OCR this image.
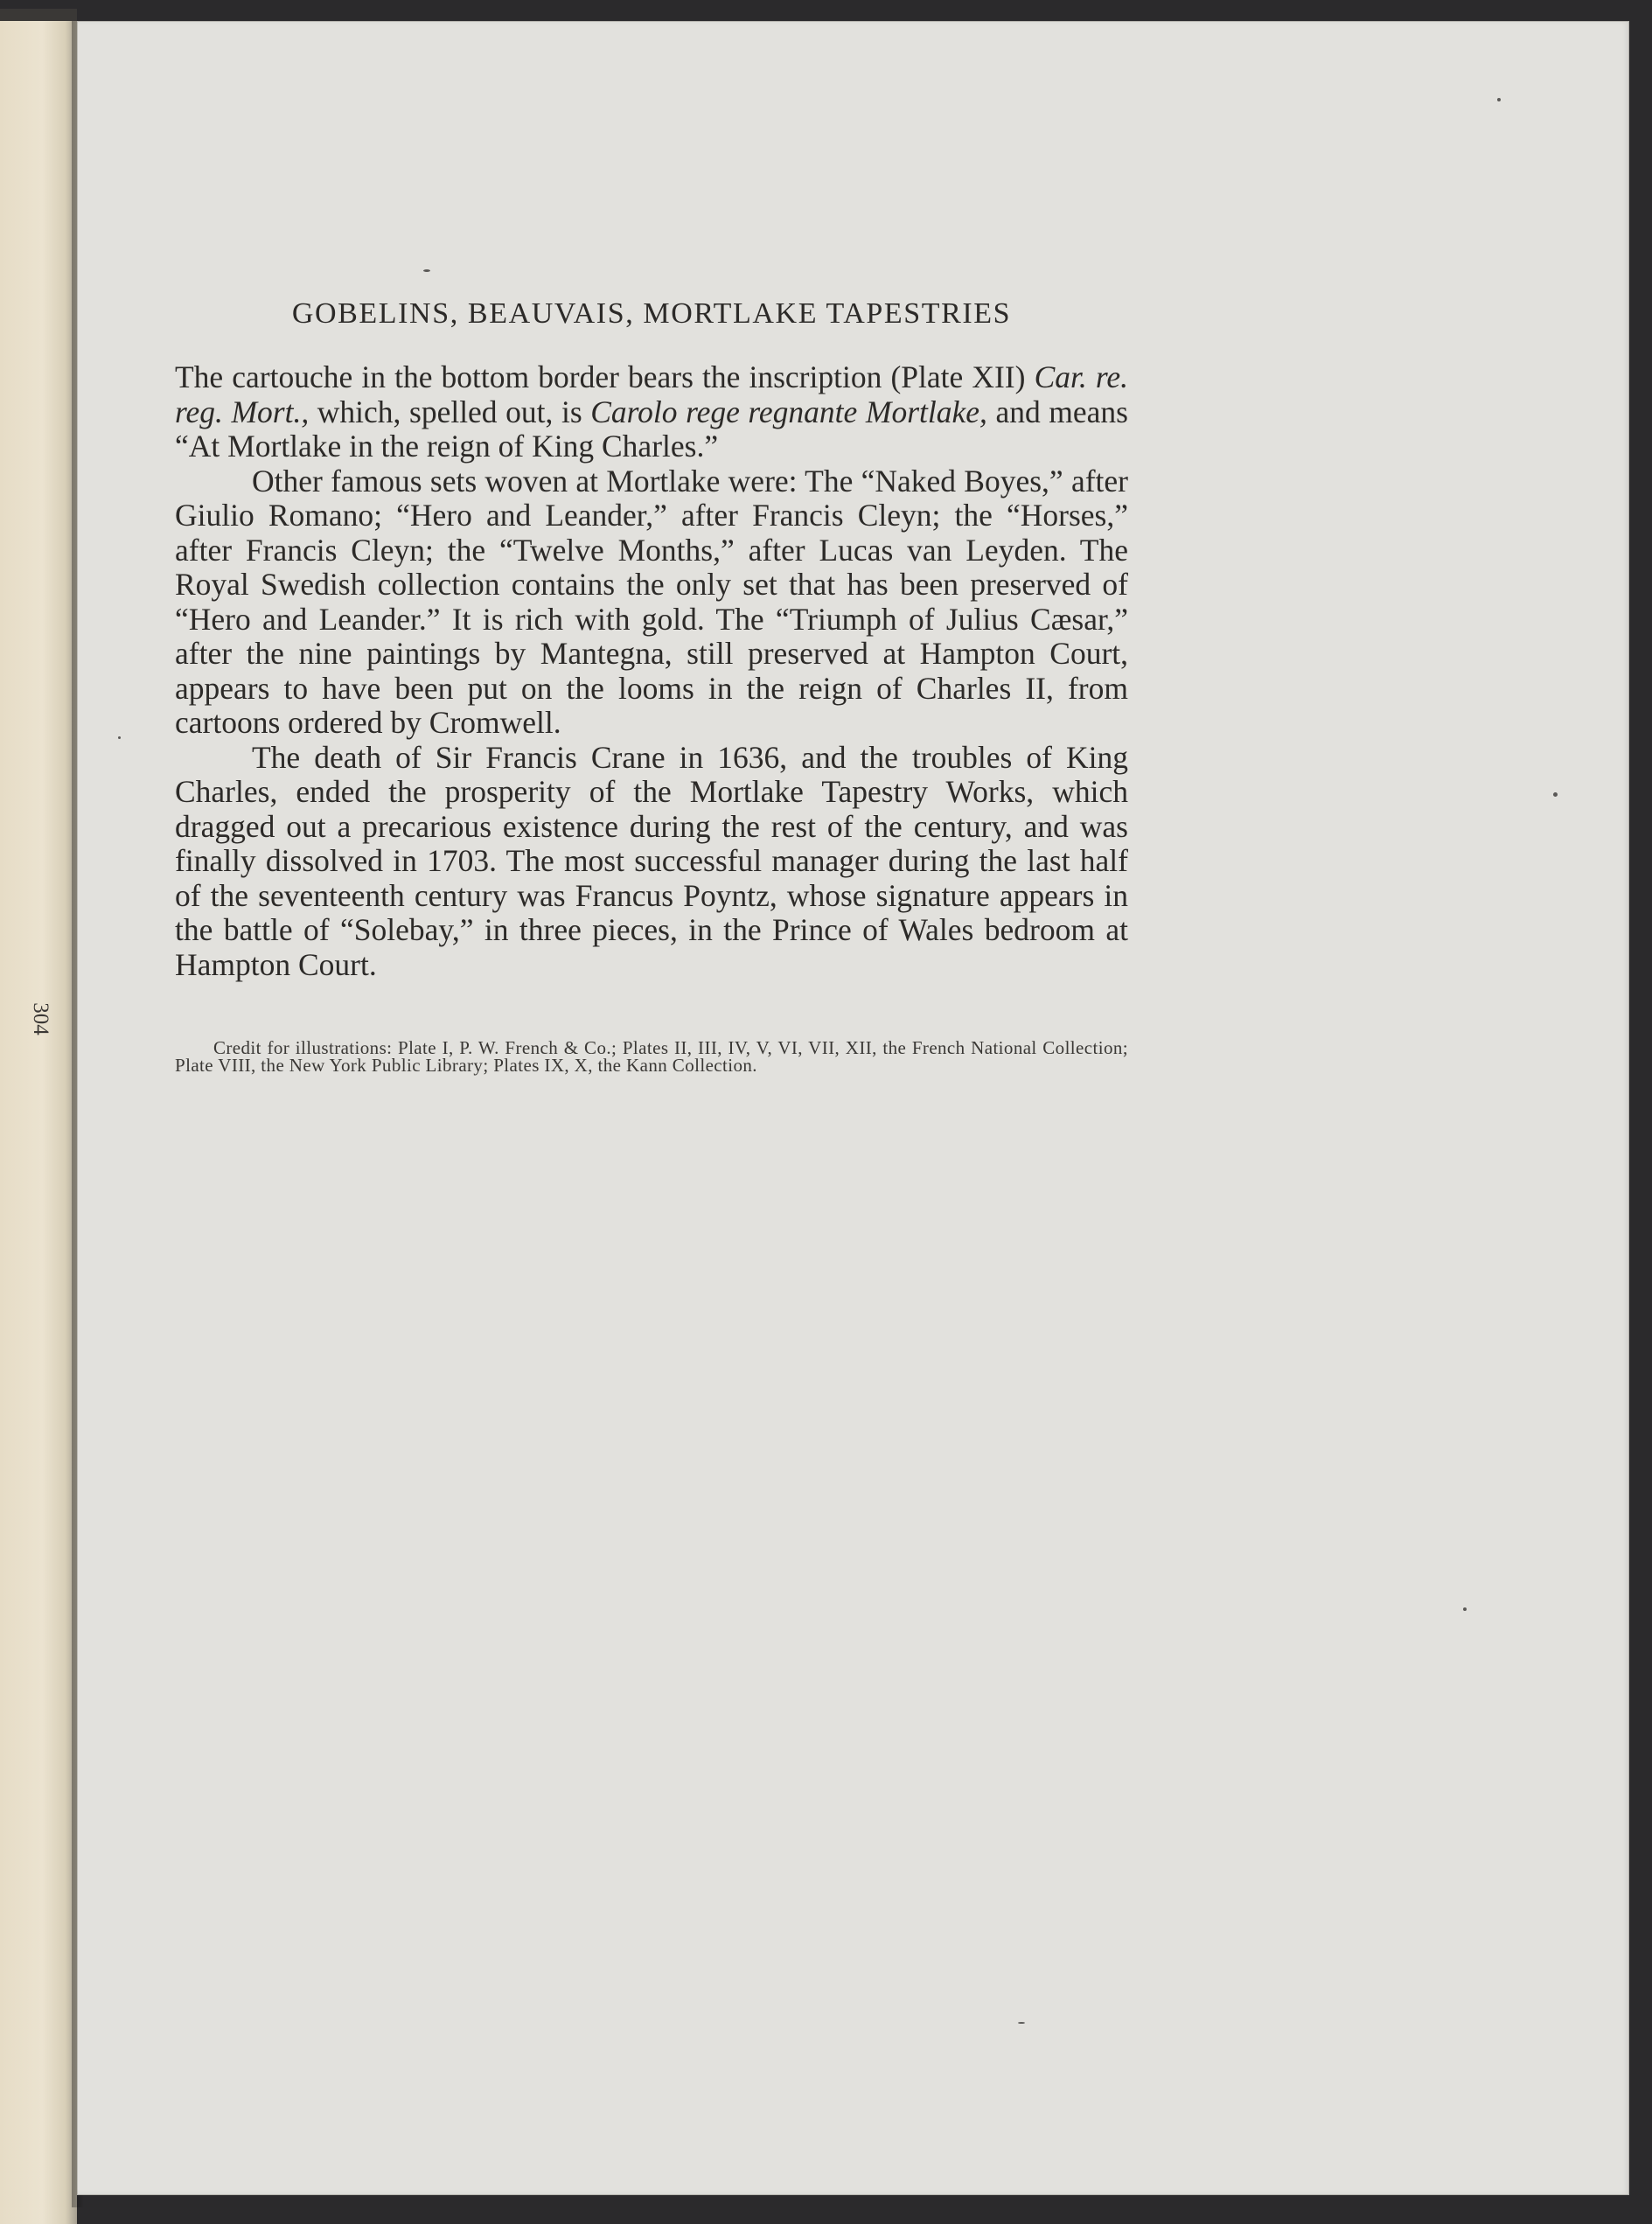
304
GOBELINS, BEAUVAIS, MORTLAKE TAPESTRIES

The cartouche in the bottom border bears the inscription (Plate XII) Car. re. reg. Mort., which, spelled out, is Carolo rege regnante Mortlake, and means “At Mortlake in the reign of King Charles.”

Other famous sets woven at Mortlake were: The “Naked Boyes,” after Giulio Romano; “Hero and Leander,” after Francis Cleyn; the “Horses,” after Francis Cleyn; the “Twelve Months,” after Lucas van Leyden. The Royal Swedish collection contains the only set that has been preserved of “Hero and Leander.” It is rich with gold. The “Triumph of Julius Cæsar,” after the nine paintings by Mantegna, still preserved at Hampton Court, appears to have been put on the looms in the reign of Charles II, from cartoons ordered by Cromwell.

The death of Sir Francis Crane in 1636, and the troubles of King Charles, ended the prosperity of the Mortlake Tapestry Works, which dragged out a precarious existence during the rest of the century, and was finally dissolved in 1703. The most successful manager during the last half of the seventeenth century was Francus Poyntz, whose signature appears in the battle of “Solebay,” in three pieces, in the Prince of Wales bedroom at Hampton Court.

Credit for illustrations: Plate I, P. W. French & Co.; Plates II, III, IV, V, VI, VII, XII, the French National Collection; Plate VIII, the New York Public Library; Plates IX, X, the Kann Collection.
